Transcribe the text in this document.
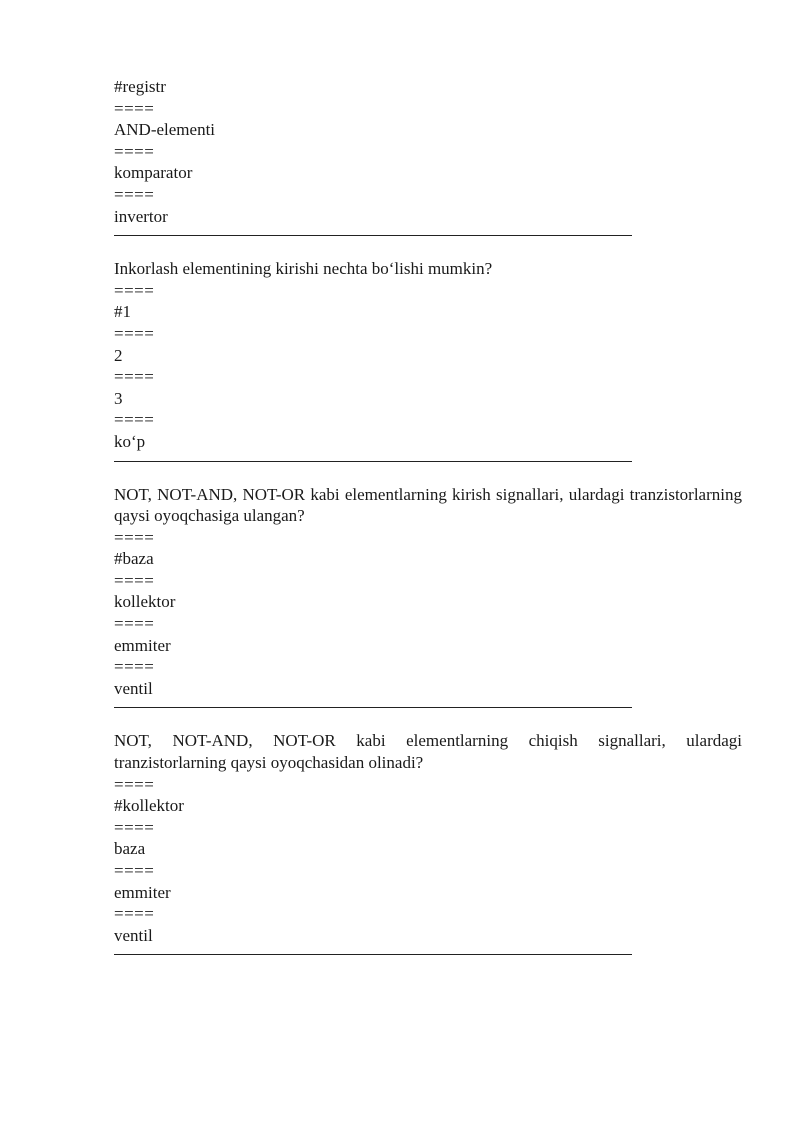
#registr
====
AND-elementi
====
komparator
====
invertor
Inkorlash elementining kirishi nechta bo‘lishi mumkin?
====
#1
====
2
====
3
====
ko‘p
NOT, NOT-AND, NOT-OR kabi elementlarning kirish signallari, ulardagi tranzistorlarning qaysi oyoqchasiga ulangan?
====
#baza
====
kollektor
====
emmiter
====
ventil
NOT, NOT-AND, NOT-OR kabi elementlarning chiqish signallari, ulardagi tranzistorlarning qaysi oyoqchasidan olinadi?
====
#kollektor
====
baza
====
emmiter
====
ventil
